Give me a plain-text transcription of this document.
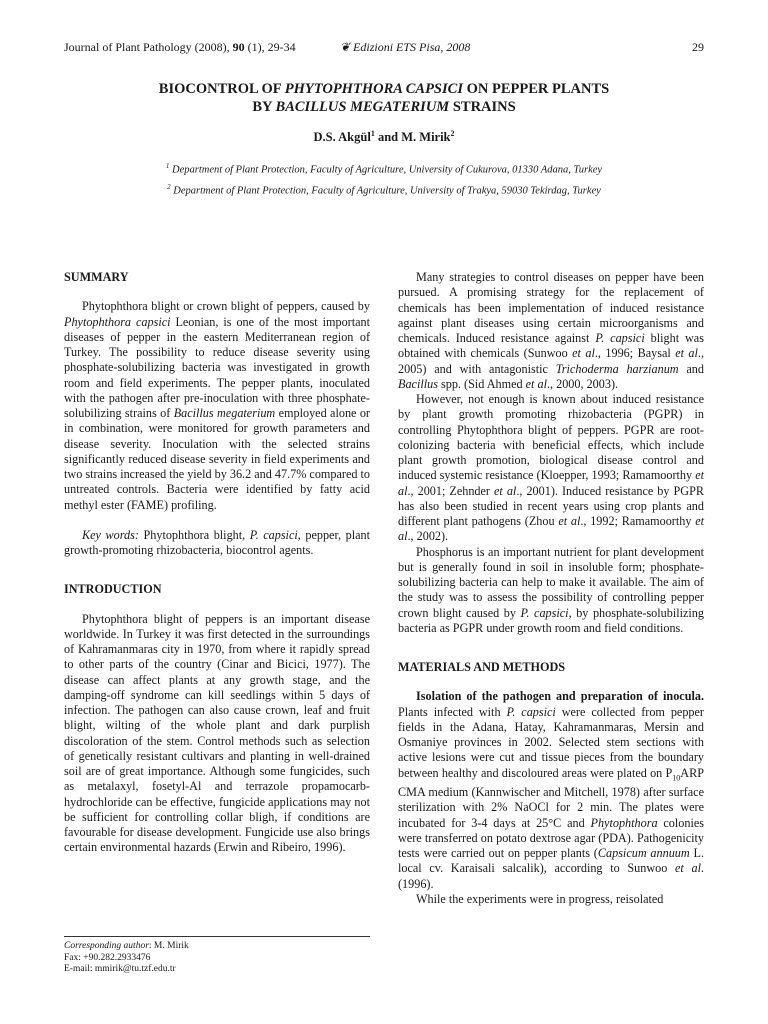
Journal of Plant Pathology (2008), 90 (1), 29-34	❦ Edizioni ETS Pisa, 2008	29
BIOCONTROL OF PHYTOPHTHORA CAPSICI ON PEPPER PLANTS
BY BACILLUS MEGATERIUM STRAINS
D.S. Akgül$^1$ and M. Mirik$^2$
$^1$ Department of Plant Protection, Faculty of Agriculture, University of Cukurova, 01330 Adana, Turkey
$^2$ Department of Plant Protection, Faculty of Agriculture, University of Trakya, 59030 Tekirdag, Turkey
SUMMARY

Phytophthora blight or crown blight of peppers, caused by Phytophthora capsici Leonian, is one of the most important diseases of pepper in the eastern Mediterranean region of Turkey. The possibility to reduce disease severity using phosphate-solubilizing bacteria was investigated in growth room and field experiments. The pepper plants, inoculated with the pathogen after pre-inoculation with three phosphate-solubilizing strains of Bacillus megaterium employed alone or in combination, were monitored for growth parameters and disease severity. Inoculation with the selected strains significantly reduced disease severity in field experiments and two strains increased the yield by 36.2 and 47.7% compared to untreated controls. Bacteria were identified by fatty acid methyl ester (FAME) profiling.

Key words: Phytophthora blight, P. capsici, pepper, plant growth-promoting rhizobacteria, biocontrol agents.

INTRODUCTION

Phytophthora blight of peppers is an important disease worldwide. In Turkey it was first detected in the surroundings of Kahramanmaras city in 1970, from where it rapidly spread to other parts of the country (Cinar and Bicici, 1977). The disease can affect plants at any growth stage, and the damping-off syndrome can kill seedlings within 5 days of infection. The pathogen can also cause crown, leaf and fruit blight, wilting of the whole plant and dark purplish discoloration of the stem. Control methods such as selection of genetically resistant cultivars and planting in well-drained soil are of great importance. Although some fungicides, such as metalaxyl, fosetyl-Al and terrazole propamocarb-hydrochloride can be effective, fungicide applications may not be sufficient for controlling collar bligh, if conditions are favourable for disease development. Fungicide use also brings certain environmental hazards (Erwin and Ribeiro, 1996).

Many strategies to control diseases on pepper have been pursued. A promising strategy for the replacement of chemicals has been implementation of induced resistance against plant diseases using certain microorganisms and chemicals. Induced resistance against P. capsici blight was obtained with chemicals (Sunwoo et al., 1996; Baysal et al., 2005) and with antagonistic Trichoderma harzianum and Bacillus spp. (Sid Ahmed et al., 2000, 2003).

However, not enough is known about induced resistance by plant growth promoting rhizobacteria (PGPR) in controlling Phytophthora blight of peppers. PGPR are root-colonizing bacteria with beneficial effects, which include plant growth promotion, biological disease control and induced systemic resistance (Kloepper, 1993; Ramamoorthy et al., 2001; Zehnder et al., 2001). Induced resistance by PGPR has also been studied in recent years using crop plants and different plant pathogens (Zhou et al., 1992; Ramamoorthy et al., 2002).

Phosphorus is an important nutrient for plant development but is generally found in soil in insoluble form; phosphate-solubilizing bacteria can help to make it available. The aim of the study was to assess the possibility of controlling pepper crown blight caused by P. capsici, by phosphate-solubilizing bacteria as PGPR under growth room and field conditions.

MATERIALS AND METHODS

Isolation of the pathogen and preparation of inocula. Plants infected with P. capsici were collected from pepper fields in the Adana, Hatay, Kahramanmaras, Mersin and Osmaniye provinces in 2002. Selected stem sections with active lesions were cut and tissue pieces from the boundary between healthy and discoloured areas were plated on $P_{10}ARP$ CMA medium (Kannwischer and Mitchell, 1978) after surface sterilization with 2% NaOCl for 2 min. The plates were incubated for 3-4 days at 25°C and Phytophthora colonies were transferred on potato dextrose agar (PDA). Pathogenicity tests were carried out on pepper plants (Capsicum annuum L. local cv. Karaisali salcalik), according to Sunwoo et al. (1996).

While the experiments were in progress, reisolated

Corresponding author: M. Mirik
Fax: +90.282.2933476
E-mail: mmirik@tu.tzf.edu.tr
